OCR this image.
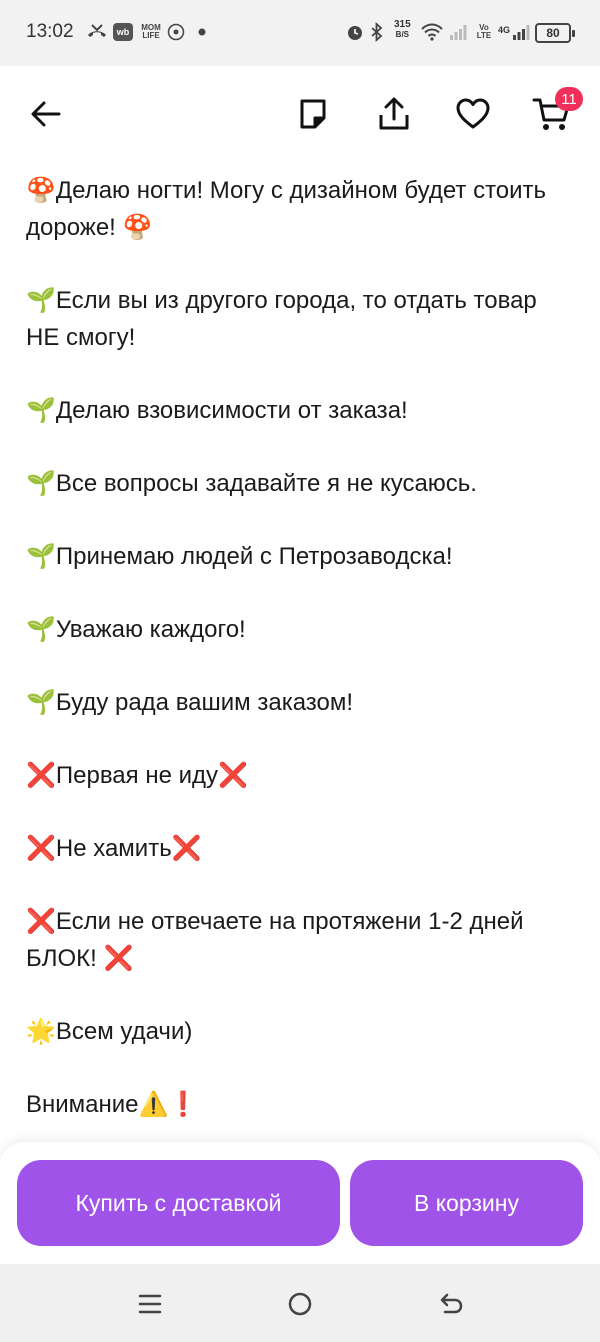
13:02	wb	MOM LIFE
315
B/S
Vo LTE
4G	80
11

🍄Делаю ногти! Могу с дизайном будет стоить дороже! 🍄

🌱Если вы из другого города, то отдать товар НЕ смогу!

🌱Делаю взовисимости от заказа!

🌱Все вопросы задавайте я не кусаюсь.

🌱Принемаю людей с Петрозаводска!

🌱Уважаю каждого!

🌱Буду рада вашим заказом!

❌Первая не иду❌

❌Не хамить❌

❌Если не отвечаете на протяжени 1-2 дней БЛОК! ❌

🌟Всем удачи)

Внимание⚠️❗

Купить с доставкой	В корзину
